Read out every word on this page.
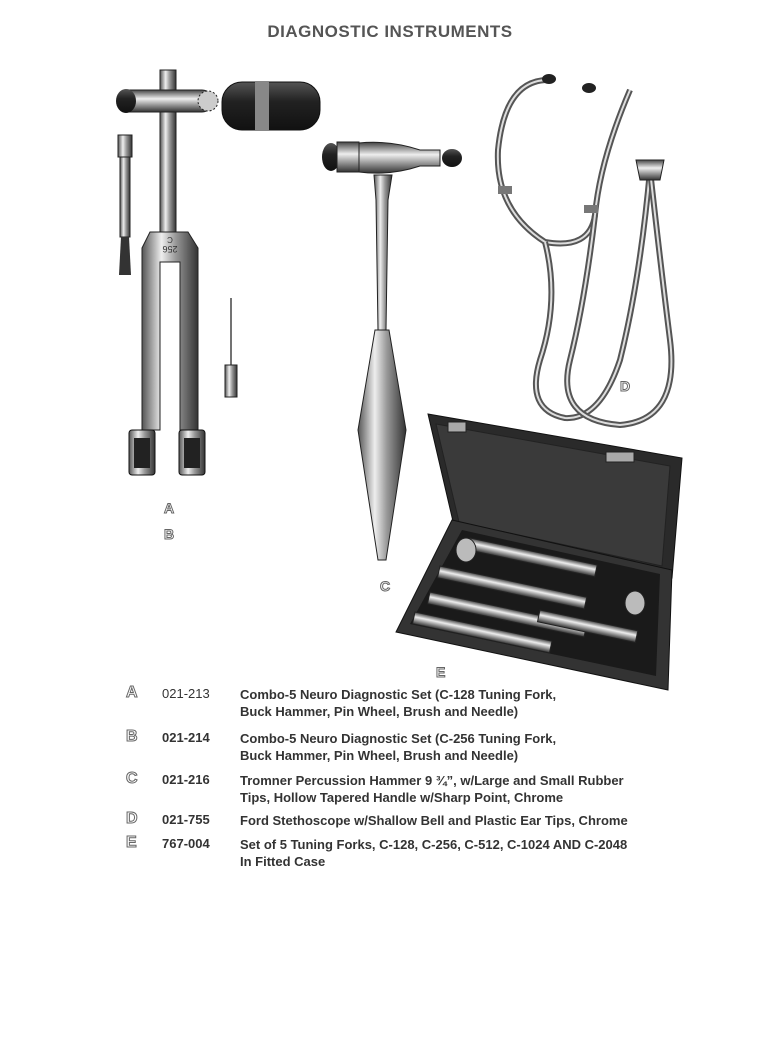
DIAGNOSTIC INSTRUMENTS
256
C
A
B
C
D
E
A 021-213 Combo-5 Neuro Diagnostic Set (C-128 Tuning Fork,
Buck Hammer, Pin Wheel, Brush and Needle)
B 021-214 Combo-5 Neuro Diagnostic Set (C-256 Tuning Fork,
Buck Hammer, Pin Wheel, Brush and Needle)
C 021-216 Tromner Percussion Hammer 9 ¾”, w/Large and Small Rubber
Tips, Hollow Tapered Handle w/Sharp Point, Chrome
D 021-755 Ford Stethoscope w/Shallow Bell and Plastic Ear Tips, Chrome
E 767-004 Set of 5 Tuning Forks, C-128, C-256, C-512, C-1024 AND C-2048
In Fitted Case
